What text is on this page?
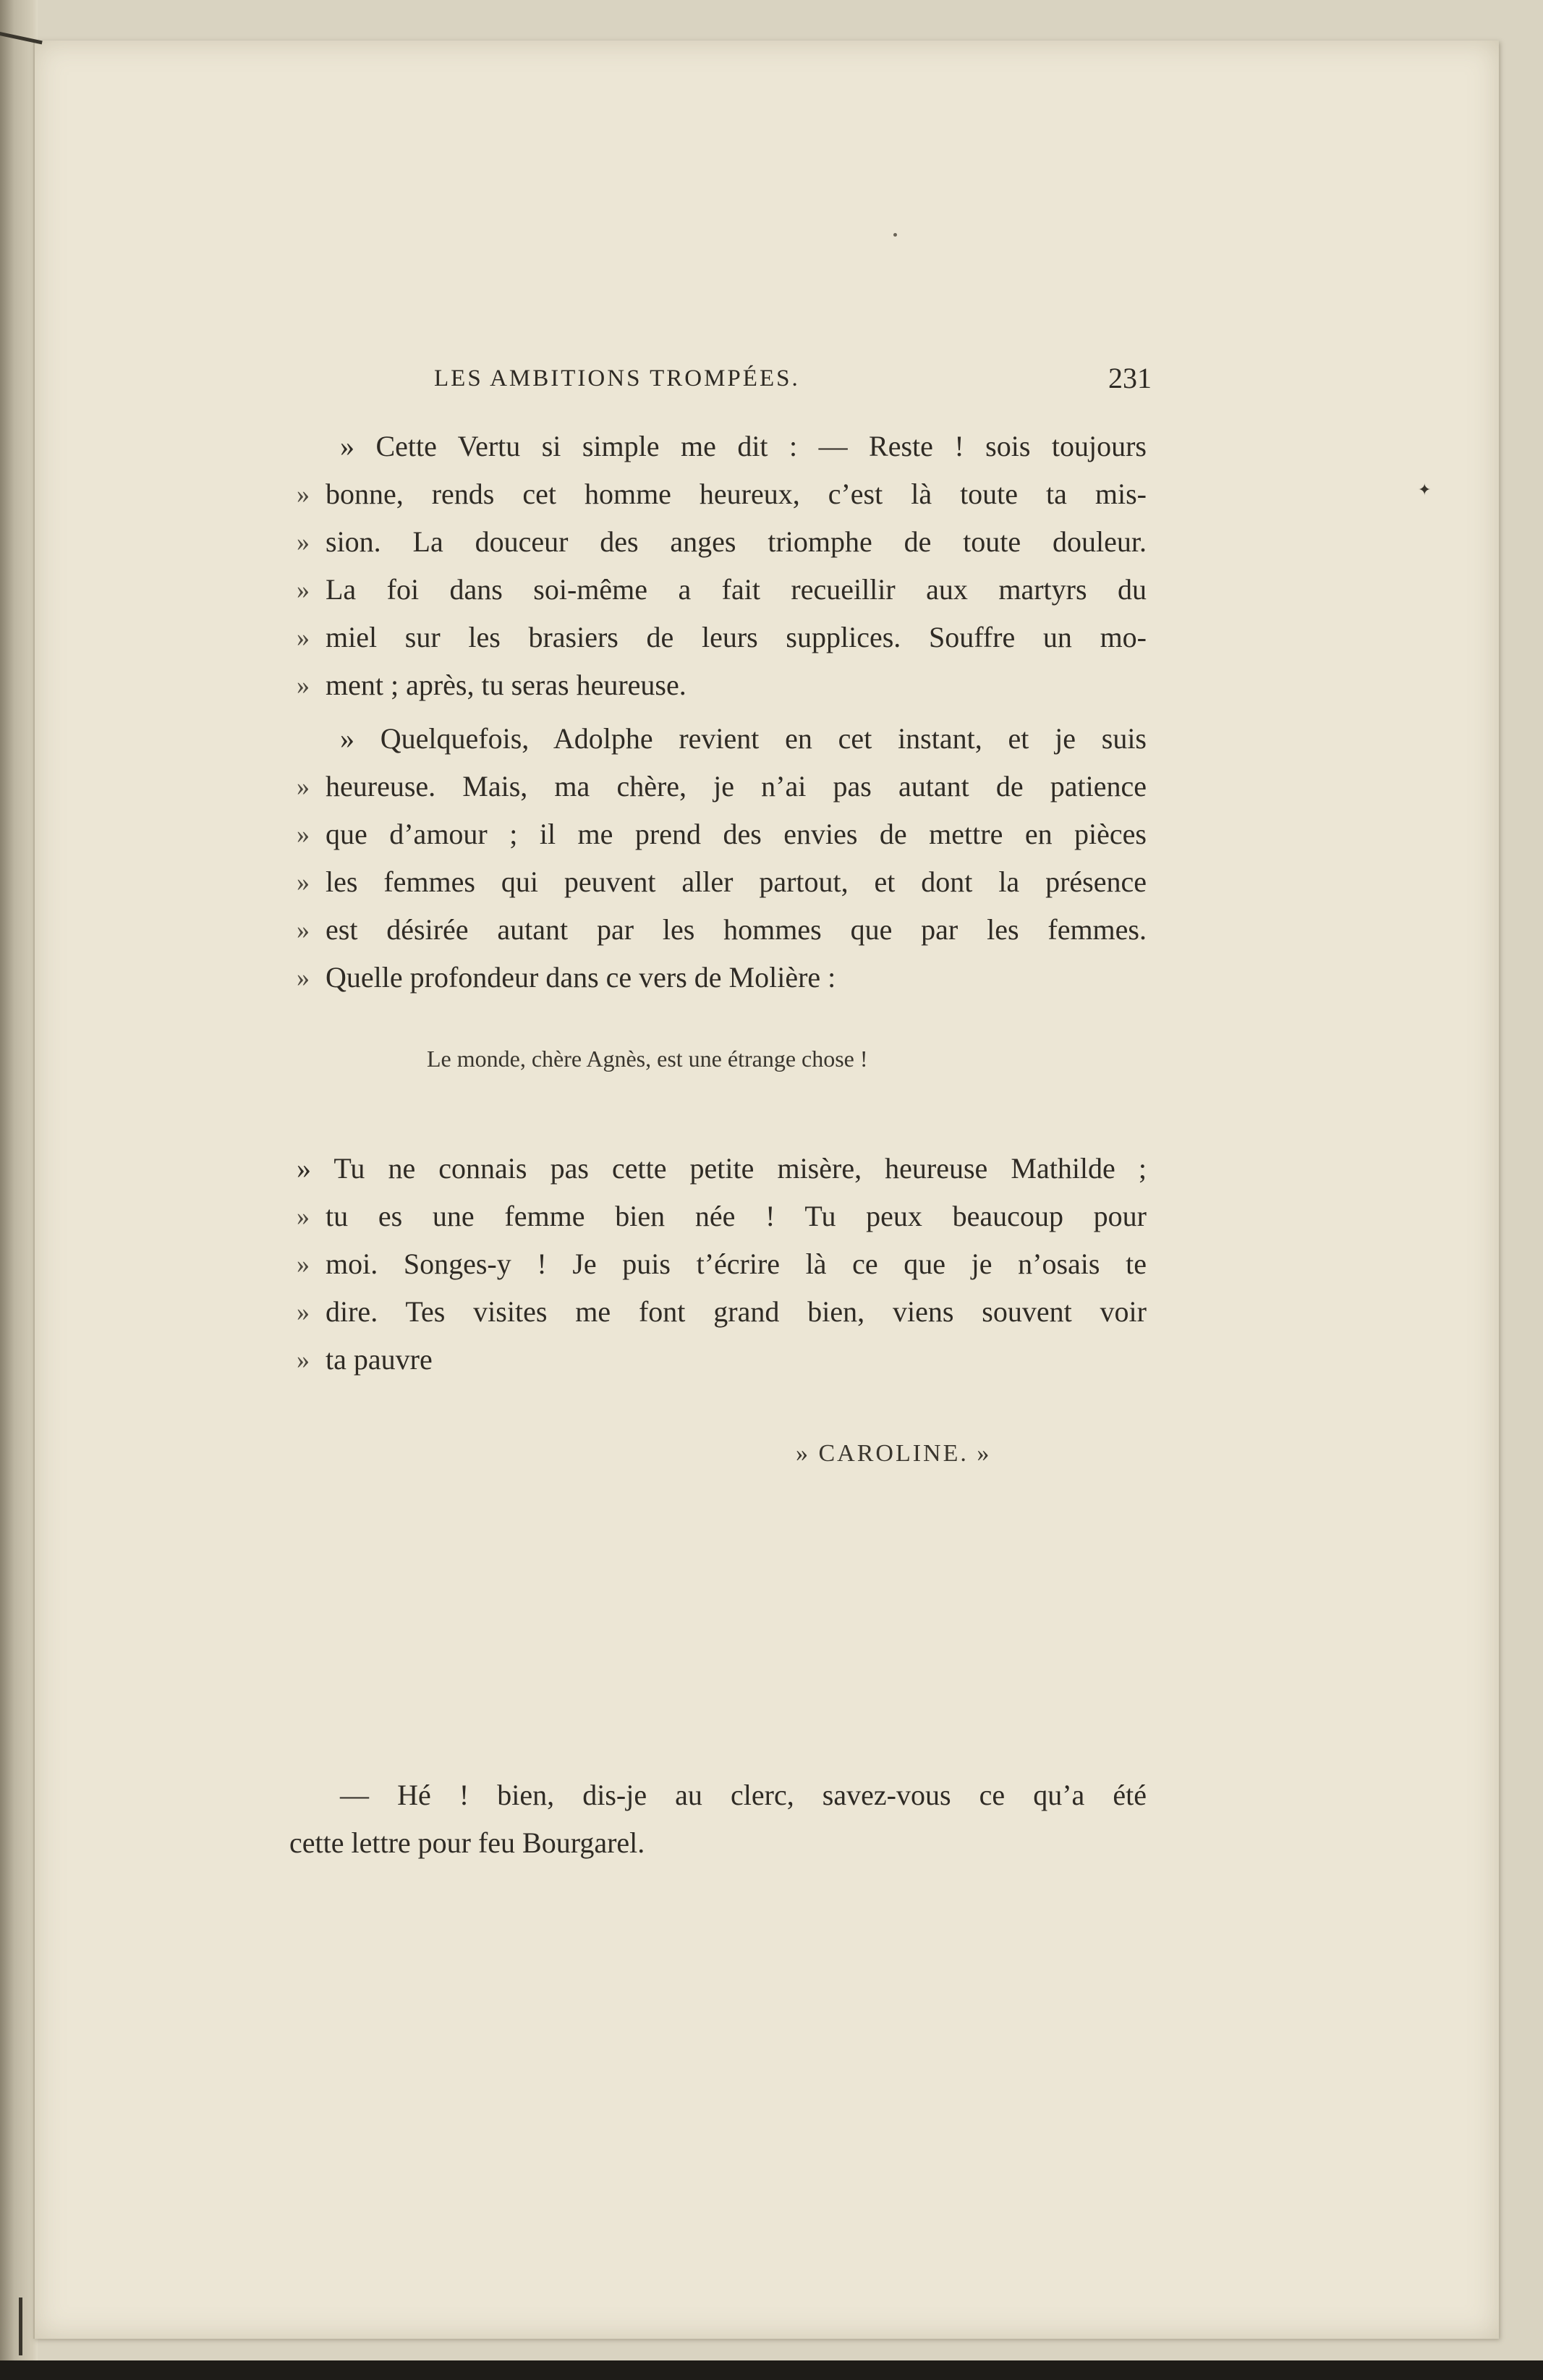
✦
LES AMBITIONS TROMPÉES.	231
» Cette Vertu si simple me dit : — Reste ! sois toujours
» bonne, rends cet homme heureux, c’est là toute ta mis-
» sion. La douceur des anges triomphe de toute douleur.
» La foi dans soi-même a fait recueillir aux martyrs du
» miel sur les brasiers de leurs supplices. Souffre un mo-
» ment ; après, tu seras heureuse.
» Quelquefois, Adolphe revient en cet instant, et je suis
» heureuse. Mais, ma chère, je n’ai pas autant de patience
» que d’amour ; il me prend des envies de mettre en pièces
» les femmes qui peuvent aller partout, et dont la présence
» est désirée autant par les hommes que par les femmes.
» Quelle profondeur dans ce vers de Molière :
Le monde, chère Agnès, est une étrange chose !
» Tu ne connais pas cette petite misère, heureuse Mathilde ;
» tu es une femme bien née ! Tu peux beaucoup pour
» moi. Songes-y ! Je puis t’écrire là ce que je n’osais te
» dire. Tes visites me font grand bien, viens souvent voir
» ta pauvre
» CAROLINE. »
— Hé ! bien, dis-je au clerc, savez-vous ce qu’a été
cette lettre pour feu Bourgarel.
